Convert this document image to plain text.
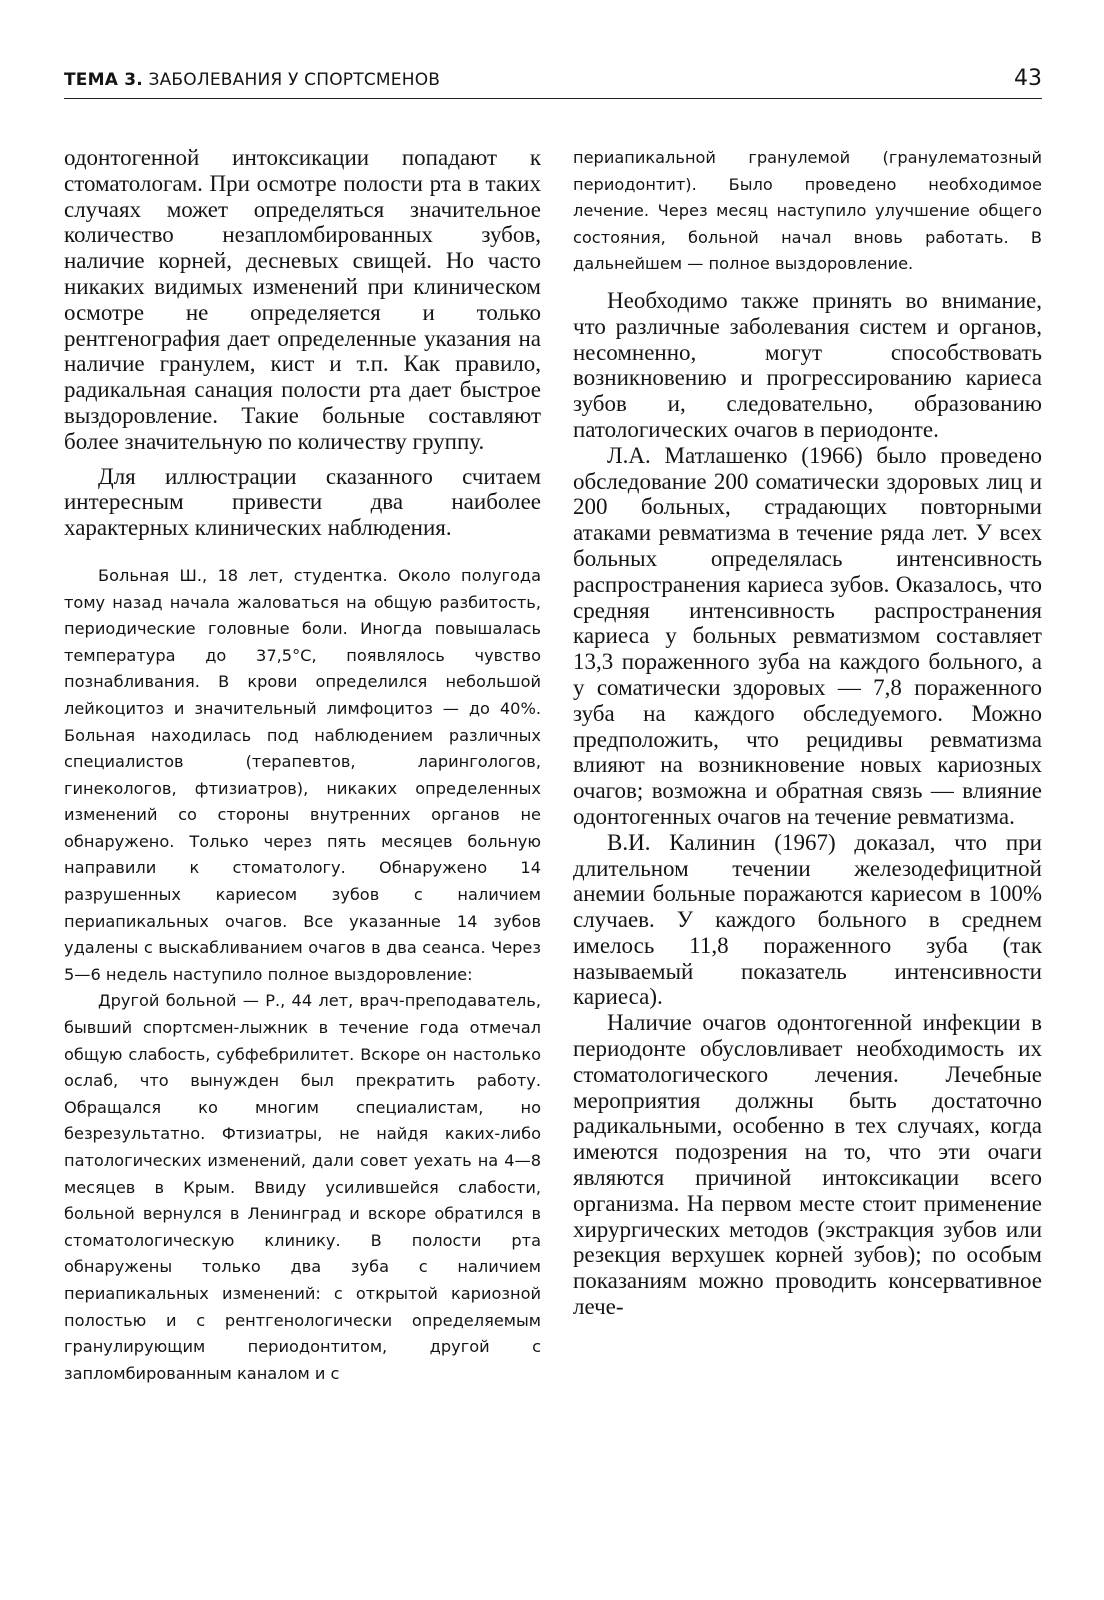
ТЕМА 3. ЗАБОЛЕВАНИЯ У СПОРТСМЕНОВ	43

одонтогенной интоксикации попадают к стоматологам. При осмотре полости рта в таких случаях может определяться значительное количество незапломбированных зубов, наличие корней, десневых свищей. Но часто никаких видимых изменений при клиническом осмотре не определяется и только рентгенография дает определенные указания на наличие гранулем, кист и т.п. Как правило, радикальная санация полости рта дает быстрое выздоровление. Такие больные составляют более значительную по количеству группу.

Для иллюстрации сказанного считаем интересным привести два наиболее характерных клинических наблюдения.

Больная Ш., 18 лет, студентка. Около полугода тому назад начала жаловаться на общую разбитость, периодические головные боли. Иногда повышалась температура до 37,5°С, появлялось чувство познабливания. В крови определился небольшой лейкоцитоз и значительный лимфоцитоз — до 40%. Больная находилась под наблюдением различных специалистов (терапевтов, ларингологов, гинекологов, фтизиатров), никаких определенных изменений со стороны внутренних органов не обнаружено. Только через пять месяцев больную направили к стоматологу. Обнаружено 14 разрушенных кариесом зубов с наличием периапикальных очагов. Все указанные 14 зубов удалены с выскабливанием очагов в два сеанса. Через 5—6 недель наступило полное выздоровление:

Другой больной — Р., 44 лет, врач-преподаватель, бывший спортсмен-лыжник в течение года отмечал общую слабость, субфебрилитет. Вскоре он настолько ослаб, что вынужден был прекратить работу. Обращался ко многим специалистам, но безрезультатно. Фтизиатры, не найдя каких-либо патологических изменений, дали совет уехать на 4—8 месяцев в Крым. Ввиду усилившейся слабости, больной вернулся в Ленинград и вскоре обратился в стоматологическую клинику. В полости рта обнаружены только два зуба с наличием периапикальных изменений: с открытой кариозной полостью и с рентгенологически определяемым гранулирующим периодонтитом, другой с запломбированным каналом и с

периапикальной гранулемой (гранулематозный периодонтит). Было проведено необходимое лечение. Через месяц наступило улучшение общего состояния, больной начал вновь работать. В дальнейшем — полное выздоровление.

Необходимо также принять во внимание, что различные заболевания систем и органов, несомненно, могут способствовать возникновению и прогрессированию кариеса зубов и, следовательно, образованию патологических очагов в периодонте.

Л.А. Матлашенко (1966) было проведено обследование 200 соматически здоровых лиц и 200 больных, страдающих повторными атаками ревматизма в течение ряда лет. У всех больных определялась интенсивность распространения кариеса зубов. Оказалось, что средняя интенсивность распространения кариеса у больных ревматизмом составляет 13,3 пораженного зуба на каждого больного, а у соматически здоровых — 7,8 пораженного зуба на каждого обследуемого. Можно предположить, что рецидивы ревматизма влияют на возникновение новых кариозных очагов; возможна и обратная связь — влияние одонтогенных очагов на течение ревматизма.

В.И. Калинин (1967) доказал, что при длительном течении железодефицитной анемии больные поражаются кариесом в 100% случаев. У каждого больного в среднем имелось 11,8 пораженного зуба (так называемый показатель интенсивности кариеса).

Наличие очагов одонтогенной инфекции в периодонте обусловливает необходимость их стоматологического лечения. Лечебные мероприятия должны быть достаточно радикальными, особенно в тех случаях, когда имеются подозрения на то, что эти очаги являются причиной интоксикации всего организма. На первом месте стоит применение хирургических методов (экстракция зубов или резекция верхушек корней зубов); по особым показаниям можно проводить консервативное лече-
